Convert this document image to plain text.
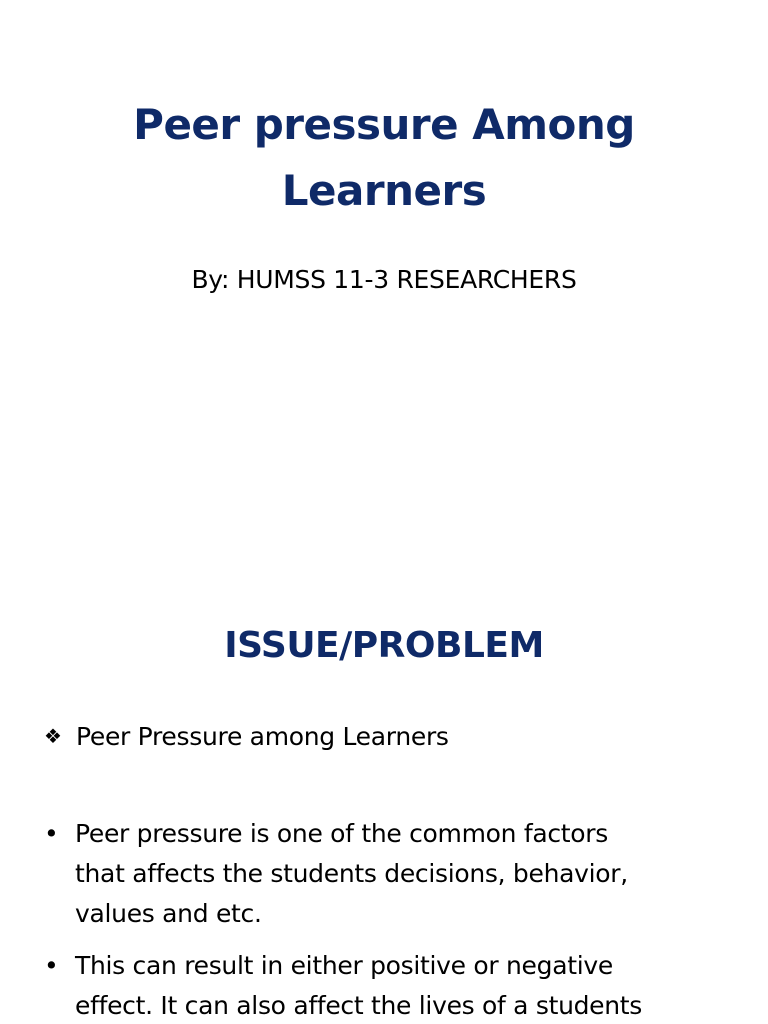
Peer pressure Among
Learners
By: HUMSS 11-3 RESEARCHERS
ISSUE/PROBLEM
❖ Peer Pressure among Learners
• Peer pressure is one of the common factors
that affects the students decisions, behavior,
values and etc.
• This can result in either positive or negative
effect. It can also affect the lives of a students
